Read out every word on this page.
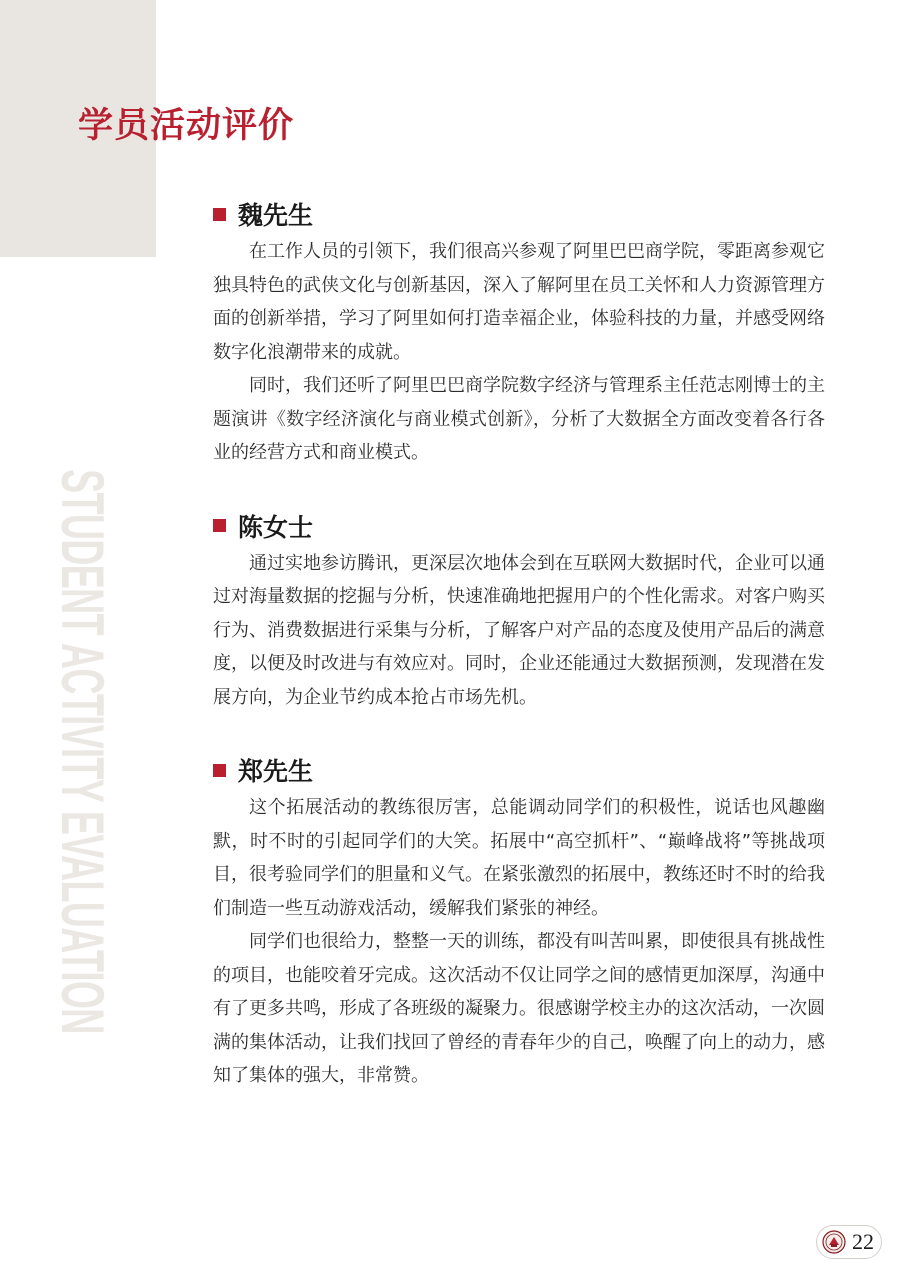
学员活动评价
STUDENT ACTIVITY EVALUATION
魏先生

在工作人员的引领下，我们很高兴参观了阿里巴巴商学院，零距离参观它独具特色的武侠文化与创新基因，深入了解阿里在员工关怀和人力资源管理方面的创新举措，学习了阿里如何打造幸福企业，体验科技的力量，并感受网络数字化浪潮带来的成就。

同时，我们还听了阿里巴巴商学院数字经济与管理系主任范志刚博士的主题演讲《数字经济演化与商业模式创新》，分析了大数据全方面改变着各行各业的经营方式和商业模式。

陈女士

通过实地参访腾讯，更深层次地体会到在互联网大数据时代，企业可以通过对海量数据的挖掘与分析，快速准确地把握用户的个性化需求。对客户购买行为、消费数据进行采集与分析，了解客户对产品的态度及使用产品后的满意度，以便及时改进与有效应对。同时，企业还能通过大数据预测，发现潜在发展方向，为企业节约成本抢占市场先机。

郑先生

这个拓展活动的教练很厉害，总能调动同学们的积极性，说话也风趣幽默，时不时的引起同学们的大笑。拓展中“高空抓杆”、“巅峰战将”等挑战项目，很考验同学们的胆量和义气。在紧张激烈的拓展中，教练还时不时的给我们制造一些互动游戏活动，缓解我们紧张的神经。

同学们也很给力，整整一天的训练，都没有叫苦叫累，即使很具有挑战性的项目，也能咬着牙完成。这次活动不仅让同学之间的感情更加深厚，沟通中有了更多共鸣，形成了各班级的凝聚力。很感谢学校主办的这次活动，一次圆满的集体活动，让我们找回了曾经的青春年少的自己，唤醒了向上的动力，感知了集体的强大，非常赞。

22
